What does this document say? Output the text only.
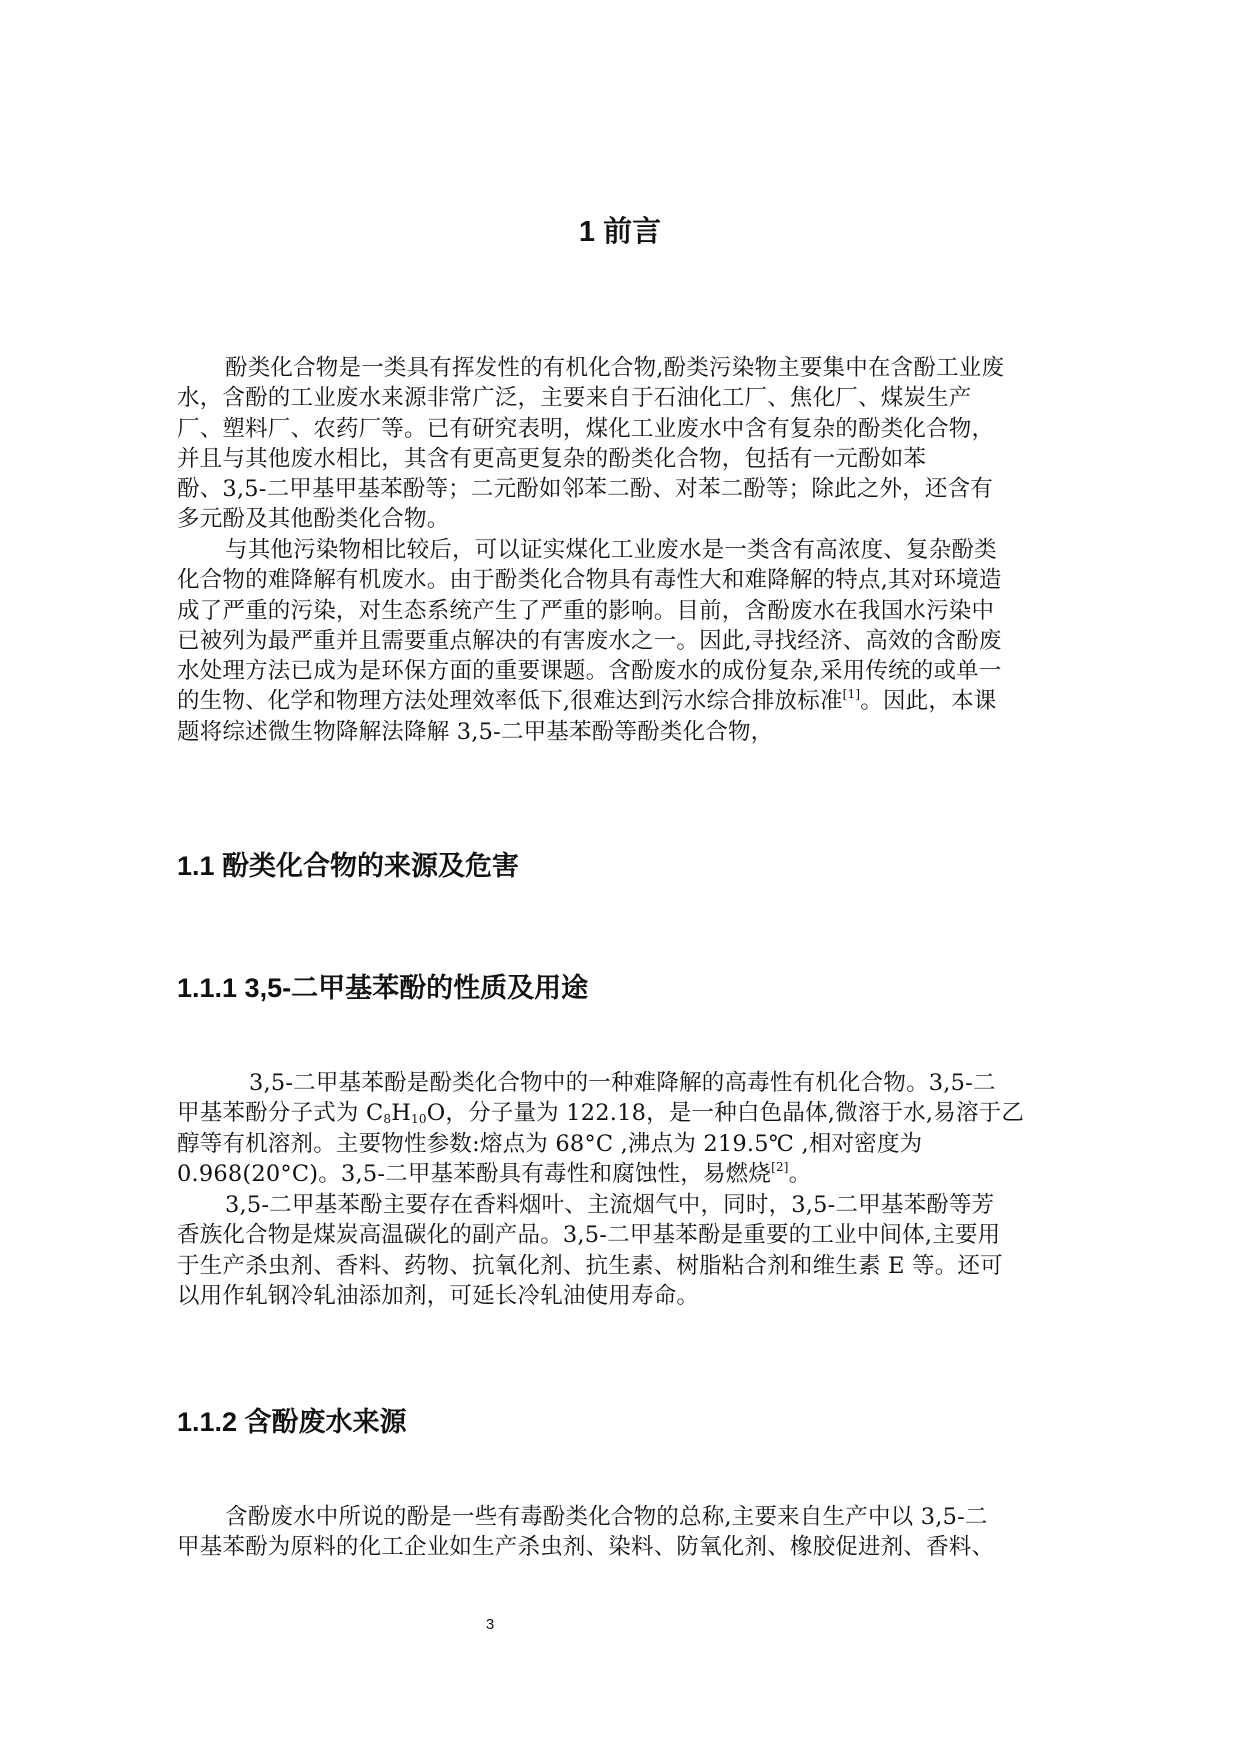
1 前言
酚类化合物是一类具有挥发性的有机化合物,酚类污染物主要集中在含酚工业废
水，含酚的工业废水来源非常广泛，主要来自于石油化工厂、焦化厂、煤炭生产
厂、塑料厂、农药厂等。已有研究表明，煤化工业废水中含有复杂的酚类化合物，
并且与其他废水相比，其含有更高更复杂的酚类化合物，包括有一元酚如苯
酚、3,5-二甲基甲基苯酚等；二元酚如邻苯二酚、对苯二酚等；除此之外，还含有
多元酚及其他酚类化合物。
与其他污染物相比较后，可以证实煤化工业废水是一类含有高浓度、复杂酚类
化合物的难降解有机废水。由于酚类化合物具有毒性大和难降解的特点,其对环境造
成了严重的污染，对生态系统产生了严重的影响。目前，含酚废水在我国水污染中
已被列为最严重并且需要重点解决的有害废水之一。因此,寻找经济、高效的含酚废
水处理方法已成为是环保方面的重要课题。含酚废水的成份复杂,采用传统的或单一
的生物、化学和物理方法处理效率低下,很难达到污水综合排放标准[1]。因此，本课
题将综述微生物降解法降解 3,5-二甲基苯酚等酚类化合物，
1.1 酚类化合物的来源及危害
1.1.1 3,5-二甲基苯酚的性质及用途
3,5-二甲基苯酚是酚类化合物中的一种难降解的高毒性有机化合物。3,5-二
甲基苯酚分子式为 $C_8H_{10}O$，分子量为 122.18，是一种白色晶体,微溶于水,易溶于乙
醇等有机溶剂。主要物性参数:熔点为 68°C ,沸点为 219.5℃ ,相对密度为
0.968(20°C)。3,5-二甲基苯酚具有毒性和腐蚀性，易燃烧[2]。
3,5-二甲基苯酚主要存在香料烟叶、主流烟气中，同时，3,5-二甲基苯酚等芳
香族化合物是煤炭高温碳化的副产品。3,5-二甲基苯酚是重要的工业中间体,主要用
于生产杀虫剂、香料、药物、抗氧化剂、抗生素、树脂粘合剂和维生素 E 等。还可
以用作轧钢冷轧油添加剂，可延长冷轧油使用寿命。
1.1.2 含酚废水来源
含酚废水中所说的酚是一些有毒酚类化合物的总称,主要来自生产中以 3,5-二
甲基苯酚为原料的化工企业如生产杀虫剂、染料、防氧化剂、橡胶促进剂、香料、
3
